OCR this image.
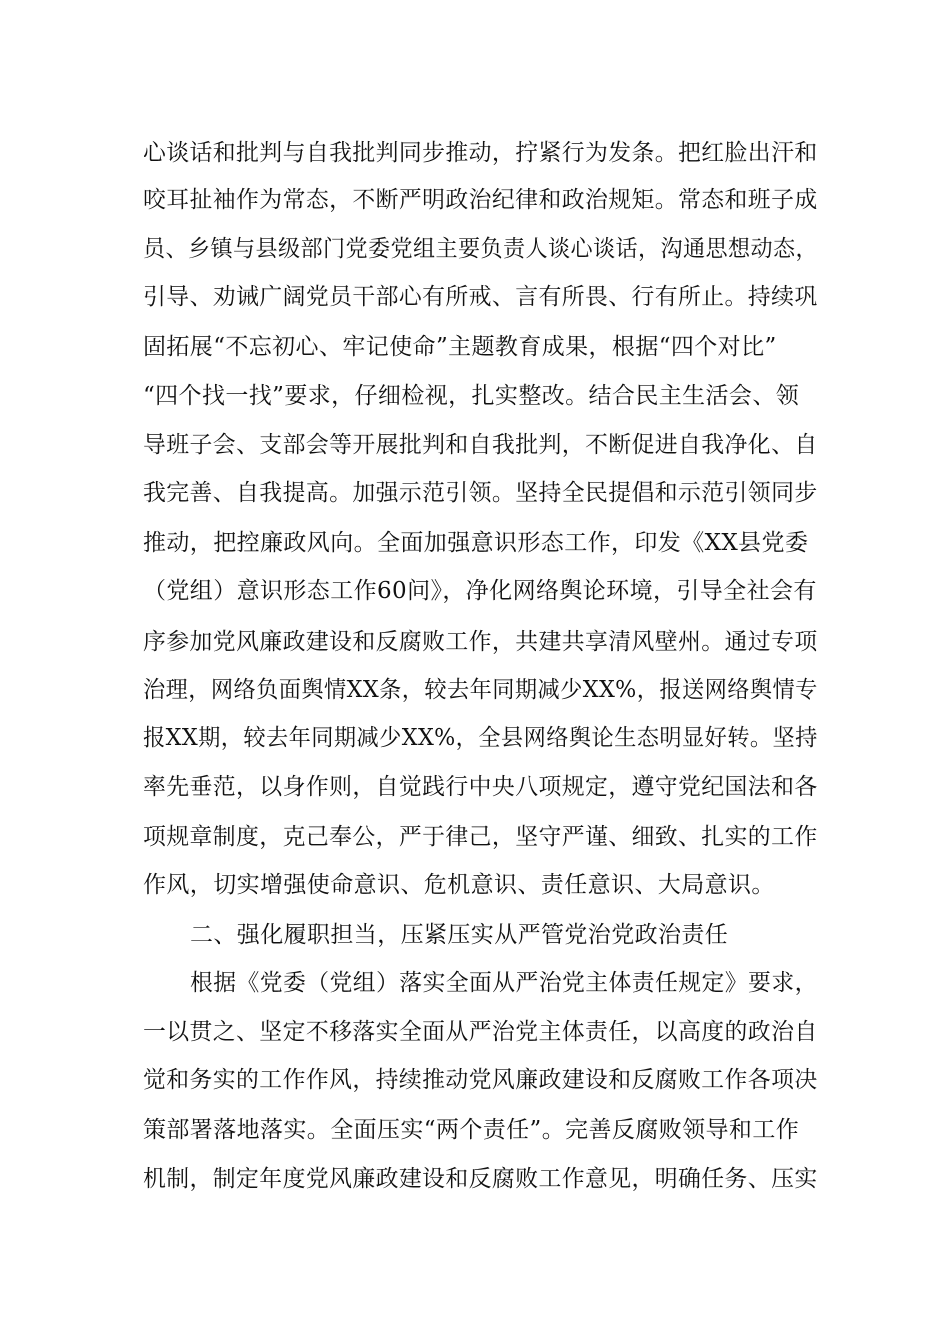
心谈话和批判与自我批判同步推动，拧紧行为发条。把红脸出汗和
咬耳扯袖作为常态，不断严明政治纪律和政治规矩。常态和班子成
员、乡镇与县级部门党委党组主要负责人谈心谈话，沟通思想动态，
引导、劝诫广阔党员干部心有所戒、言有所畏、行有所止。持续巩
固拓展“不忘初心、牢记使命”主题教育成果，根据“四个对比”
“四个找一找”要求，仔细检视，扎实整改。结合民主生活会、领
导班子会、支部会等开展批判和自我批判，不断促进自我净化、自
我完善、自我提高。加强示范引领。坚持全民提倡和示范引领同步
推动，把控廉政风向。全面加强意识形态工作，印发《XX县党委
（党组）意识形态工作60问》，净化网络舆论环境，引导全社会有
序参加党风廉政建设和反腐败工作，共建共享清风壁州。通过专项
治理，网络负面舆情XX条，较去年同期减少XX%，报送网络舆情专
报XX期，较去年同期减少XX%，全县网络舆论生态明显好转。坚持
率先垂范，以身作则，自觉践行中央八项规定，遵守党纪国法和各
项规章制度，克己奉公，严于律己，坚守严谨、细致、扎实的工作
作风，切实增强使命意识、危机意识、责任意识、大局意识。
二、强化履职担当，压紧压实从严管党治党政治责任
根据《党委（党组）落实全面从严治党主体责任规定》要求，
一以贯之、坚定不移落实全面从严治党主体责任，以高度的政治自
觉和务实的工作作风，持续推动党风廉政建设和反腐败工作各项决
策部署落地落实。全面压实“两个责任”。完善反腐败领导和工作
机制，制定年度党风廉政建设和反腐败工作意见，明确任务、压实
